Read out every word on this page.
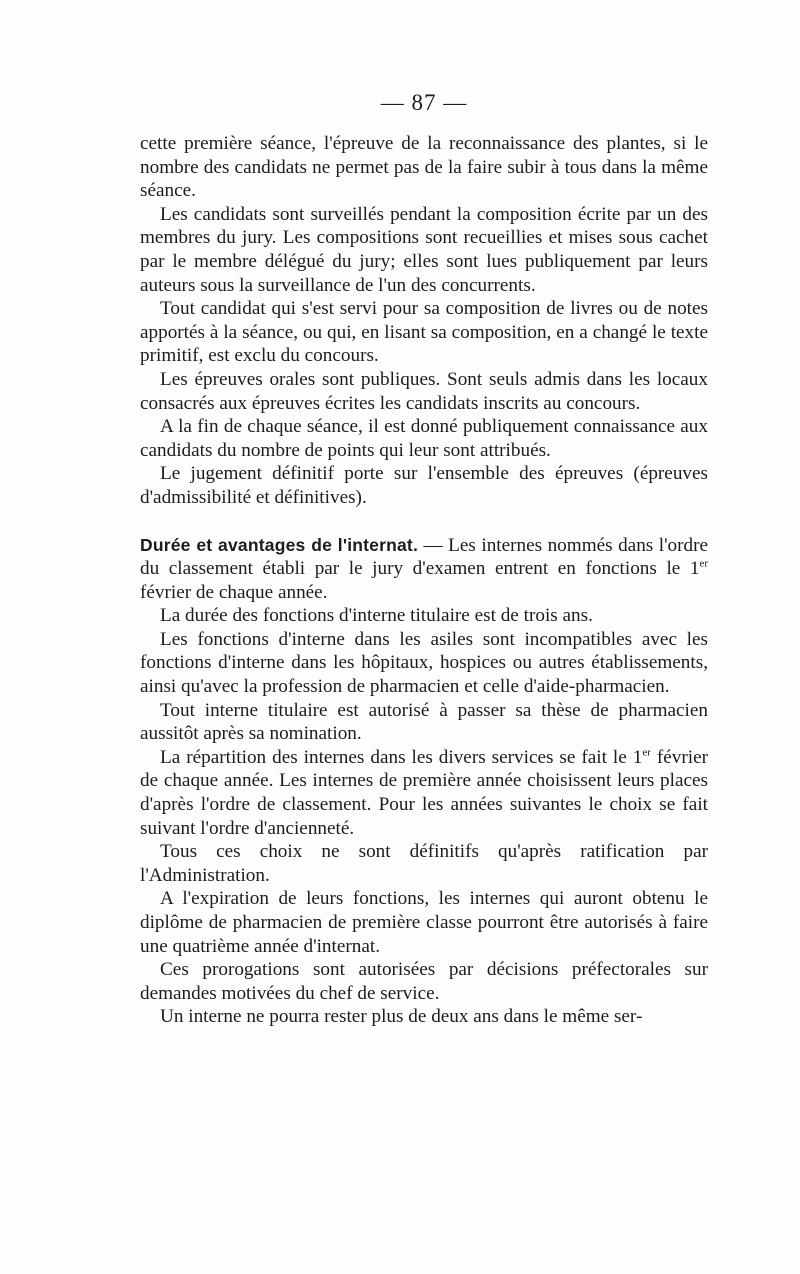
— 87 —

cette première séance, l'épreuve de la reconnaissance des plantes, si le nombre des candidats ne permet pas de la faire subir à tous dans la même séance.

Les candidats sont surveillés pendant la composition écrite par un des membres du jury. Les compositions sont recueillies et mises sous cachet par le membre délégué du jury; elles sont lues publiquement par leurs auteurs sous la surveillance de l'un des concurrents.

Tout candidat qui s'est servi pour sa composition de livres ou de notes apportés à la séance, ou qui, en lisant sa composition, en a changé le texte primitif, est exclu du concours.

Les épreuves orales sont publiques. Sont seuls admis dans les locaux consacrés aux épreuves écrites les candidats inscrits au concours.

A la fin de chaque séance, il est donné publiquement connaissance aux candidats du nombre de points qui leur sont attribués.

Le jugement définitif porte sur l'ensemble des épreuves (épreuves d'admissibilité et définitives).

Durée et avantages de l'internat. — Les internes nommés dans l'ordre du classement établi par le jury d'examen entrent en fonctions le 1er février de chaque année.

La durée des fonctions d'interne titulaire est de trois ans.

Les fonctions d'interne dans les asiles sont incompatibles avec les fonctions d'interne dans les hôpitaux, hospices ou autres établissements, ainsi qu'avec la profession de pharmacien et celle d'aide-pharmacien.

Tout interne titulaire est autorisé à passer sa thèse de pharmacien aussitôt après sa nomination.

La répartition des internes dans les divers services se fait le 1er février de chaque année. Les internes de première année choisissent leurs places d'après l'ordre de classement. Pour les années suivantes le choix se fait suivant l'ordre d'ancienneté.

Tous ces choix ne sont définitifs qu'après ratification par l'Administration.

A l'expiration de leurs fonctions, les internes qui auront obtenu le diplôme de pharmacien de première classe pourront être autorisés à faire une quatrième année d'internat.

Ces prorogations sont autorisées par décisions préfectorales sur demandes motivées du chef de service.

Un interne ne pourra rester plus de deux ans dans le même ser-
